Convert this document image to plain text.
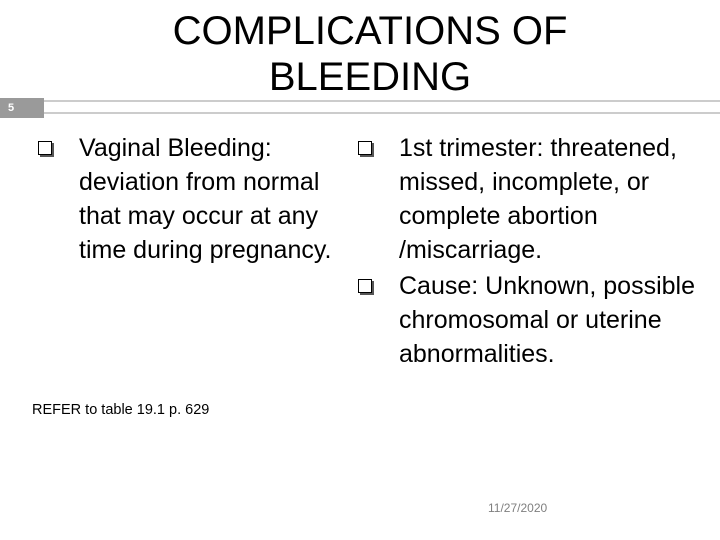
COMPLICATIONS OF
BLEEDING
5
Vaginal Bleeding: deviation from normal that may occur at any time during pregnancy.

REFER to table 19.1 p. 629

1st trimester: threatened, missed, incomplete, or complete abortion /miscarriage.
Cause: Unknown, possible chromosomal or uterine abnormalities.
11/27/2020
